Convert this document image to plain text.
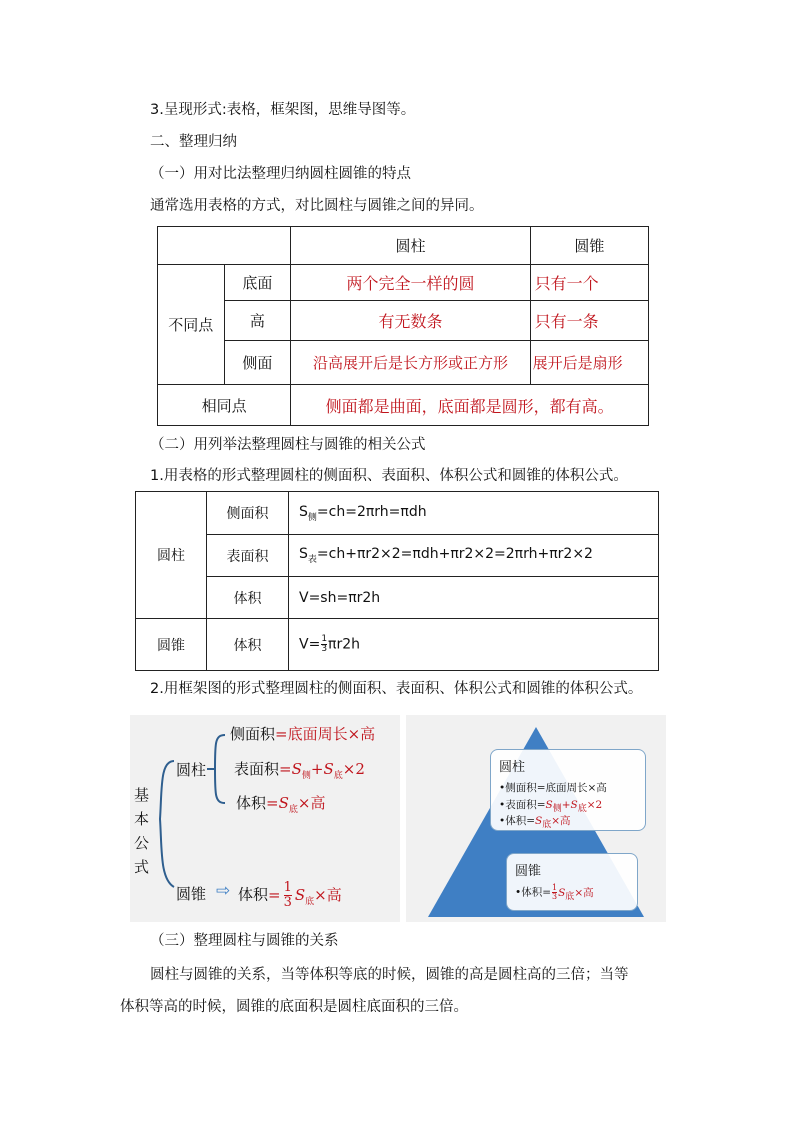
3.呈现形式:表格，框架图，思维导图等。
二、整理归纳
（一）用对比法整理归纳圆柱圆锥的特点
通常选用表格的方式，对比圆柱与圆锥之间的异同。
		圆柱	圆锥
不同点	底面	两个完全一样的圆	只有一个
	高	有无数条	只有一条
	侧面	沿高展开后是长方形或正方形	展开后是扇形
相同点		侧面都是曲面，底面都是圆形，都有高。	
（二）用列举法整理圆柱与圆锥的相关公式
1.用表格的形式整理圆柱的侧面积、表面积、体积公式和圆锥的体积公式。
圆柱	侧面积	$S_侧=ch=2\pi rh=\pi dh$
	表面积	$S_表=ch+\pi r2\times 2=\pi dh+\pi r2\times 2=2\pi rh+\pi r2\times 2$
	体积	V=sh=πr2h
圆锥	体积	$V= \frac{1}{3} \pi r2h$
2.用框架图的形式整理圆柱的侧面积、表面积、体积公式和圆锥的体积公式。
基
本
公
式
圆柱
侧面积=底面周长×高
表面积$=S_侧+S_底\times 2$
体积$=S_底\times$高
圆锥 ⇨ 体积= $\frac{1}{3} S_底\times$高
圆柱
•侧面积=底面周长×高
•表面积$=S_侧+S_底\times 2$
•体积$=S_底\times$高
圆锥
•体积= $\frac{1}{3} S_底\times$高
（三）整理圆柱与圆锥的关系
圆柱与圆锥的关系，当等体积等底的时候，圆锥的高是圆柱高的三倍；当等
体积等高的时候，圆锥的底面积是圆柱底面积的三倍。
